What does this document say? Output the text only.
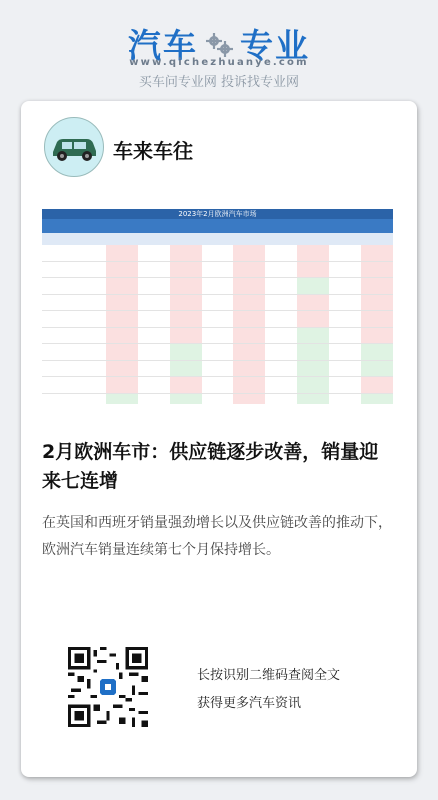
汽车 专业
www.qichezhuanye.com
买车问专业网 投诉找专业网
车来车往
2023年2月欧洲汽车市场

2月欧洲车市：供应链逐步改善，销量迎来七连增
在英国和西班牙销量强劲增长以及供应链改善的推动下，欧洲汽车销量连续第七个月保持增长。
长按识别二维码查阅全文
获得更多汽车资讯
